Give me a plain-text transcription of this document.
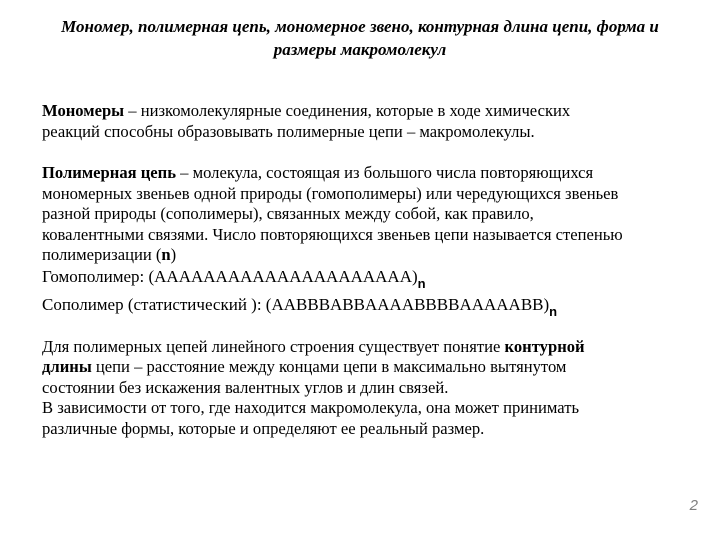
Мономер, полимерная цепь, мономерное звено, контурная длина цепи, форма и
размеры макромолекул
Мономеры – низкомолекулярные соединения, которые в ходе химических
реакций способны образовывать полимерные цепи – макромолекулы.
Полимерная цепь – молекула, состоящая из большого числа повторяющихся
мономерных звеньев одной природы (гомополимеры) или чередующихся звеньев
разной природы (сополимеры), связанных между собой, как правило,
ковалентными связями. Число повторяющихся звеньев цепи называется степенью
полимеризации (n)
Гомополимер: $(AAAAAAAAAAAAAAAAAAAAA)_n$
Сополимер (статистический ): $(AABBBABBAAAABBBBAAAAABB)_n$
Для полимерных цепей линейного строения существует понятие контурной
длины цепи – расстояние между концами цепи в максимально вытянутом
состоянии без искажения валентных углов и длин связей.
В зависимости от того, где находится макромолекула, она может принимать
различные формы, которые и определяют ее реальный размер.
2
